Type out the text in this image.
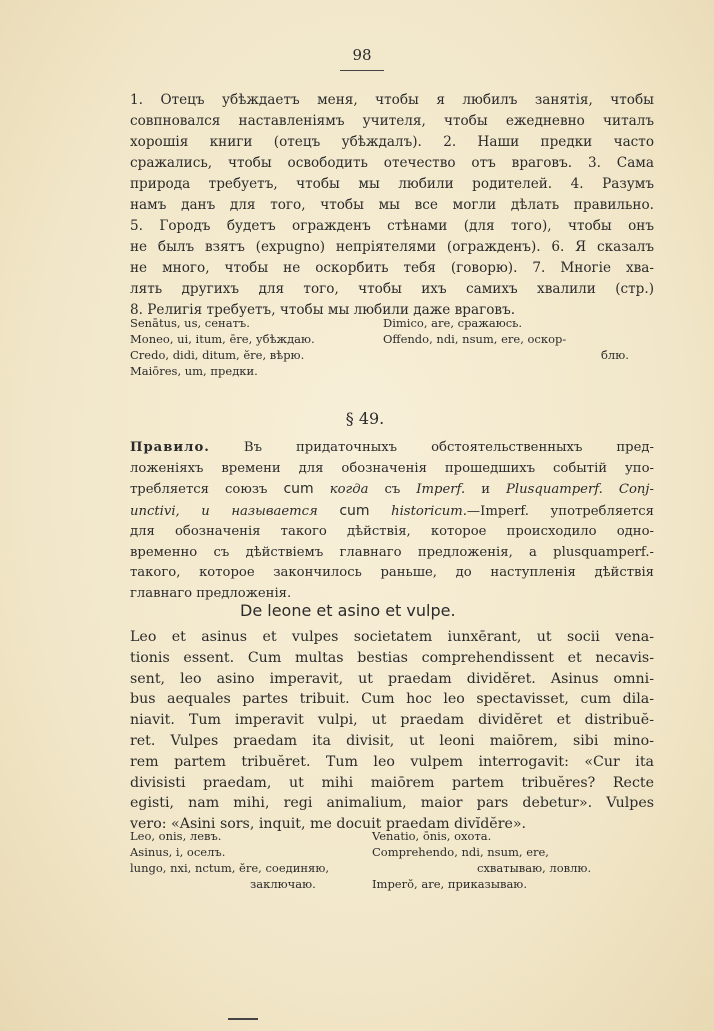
98
1. Отецъ убѣждаетъ меня, чтобы я любилъ занятія, чтобы
совпновался наставленіямъ учителя, чтобы ежедневно читалъ
хорошія книги (отецъ убѣждалъ). 2. Наши предки часто
сражались, чтобы освободить отечество отъ враговъ. 3. Сама
природа требуетъ, чтобы мы любили родителей. 4. Разумъ
намъ данъ для того, чтобы мы все могли дѣлать правильно.
5. Городъ будетъ огражденъ стѣнами (для того), чтобы онъ
не былъ взятъ (expugno) непріятелями (огражденъ). 6. Я сказалъ
не много, чтобы не оскорбить тебя (говорю). 7. Многіе хва-
лять другихъ для того, чтобы ихъ самихъ хвалили (стр.)
8. Религія требуетъ, чтобы мы любили даже враговъ.
Senātus, us, сенатъ.
Moneo, ui, itum, ēre, убѣждаю.
Credo, didi, ditum, ĕre, вѣрю.
Maiōres, um, предки.
Dimico, are, сражаюсь.
Offendo, ndi, nsum, ere, оскор-
блю.
§ 49.
Правило. Въ придаточныхъ обстоятельственныхъ пред-
ложеніяхъ времени для обозначенія прошедшихъ событій упо-
требляется союзъ cum когда съ Imperf. и Plusquamperf. Conj-
unctivi, и называется cum historicum.—Imperf. употребляется
для обозначенія такого дѣйствія, которое происходило одно-
временно съ дѣйствіемъ главнаго предложенія, а plusquamperf.-
такого, которое закончилось раньше, до наступленія дѣйствія
главнаго предложенія.
De leone et asino et vulpe.
Leo et asinus et vulpes societatem iunxērant, ut socii vena-
tionis essent. Cum multas bestias comprehendissent et necavis-
sent, leo asino imperavit, ut praedam dividĕret. Asinus omni-
bus aequales partes tribuit. Cum hoc leo spectavisset, cum dila-
niavit. Tum imperavit vulpi, ut praedam dividĕret et distribuĕ-
ret. Vulpes praedam ita divisit, ut leoni maiōrem, sibi mino-
rem partem tribuĕret. Tum leo vulpem interrogavit: «Cur ita
divisisti praedam, ut mihi maiōrem partem tribuĕres? Recte
egisti, nam mihi, regi animalium, maior pars debetur». Vulpes
vero: «Asini sors, inquit, me docuit praedam divĭdĕre».
Leo, onis, левъ.
Asinus, i, оселъ.
lungo, nxi, nctum, ĕre, соединяю,
заключаю.
Venatio, ōnis, охота.
Comprehendo, ndi, nsum, ere,
схватываю, ловлю.
Imperŏ, are, приказываю.
